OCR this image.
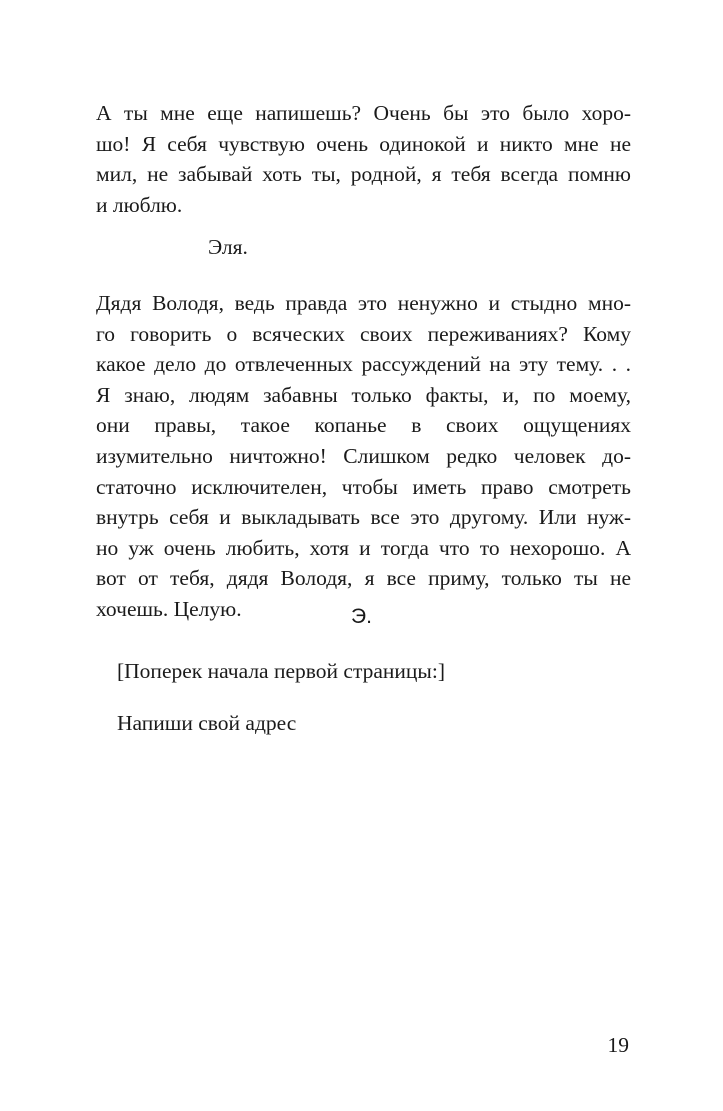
А ты мне еще напишешь? Очень бы это было хоро-
шо! Я себя чувствую очень одинокой и никто мне не
мил, не забывай хоть ты, родной, я тебя всегда помню
и люблю.
Эля.
Дядя Володя, ведь правда это ненужно и стыдно мно-
го говорить о всяческих своих переживаниях? Кому
какое дело до отвлеченных рассуждений на эту тему. . .
Я знаю, людям забавны только факты, и, по моему,
они правы, такое копанье в своих ощущениях
изумительно ничтожно! Слишком редко человек до-
статочно исключителен, чтобы иметь право смотреть
внутрь себя и выкладывать все это другому. Или нуж-
но уж очень любить, хотя и тогда что то нехорошо. А
вот от тебя, дядя Володя, я все приму, только ты не
хочешь. Целую.	Э.
[Поперек начала первой страницы:]
Напиши свой адрес
19
